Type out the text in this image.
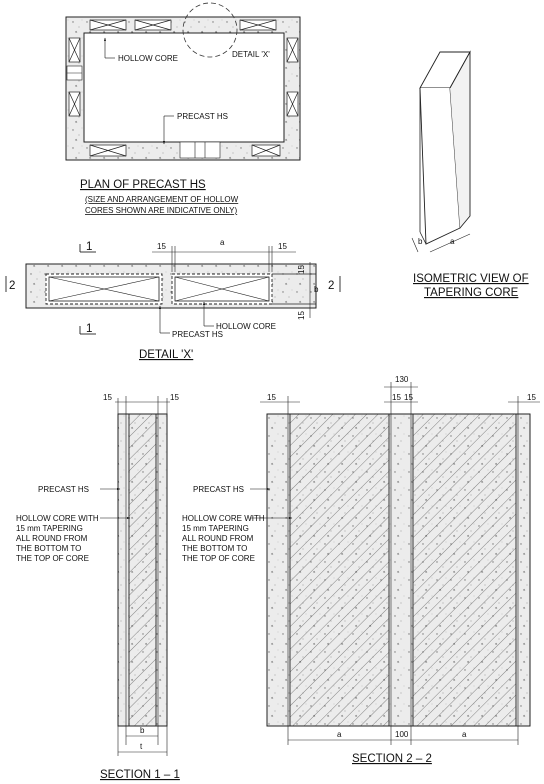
HOLLOW CORE	DETAIL 'X'
PRECAST HS
PLAN OF PRECAST HS
(SIZE AND ARRANGEMENT OF HOLLOW
CORES SHOWN ARE INDICATIVE ONLY)
b	a
ISOMETRIC VIEW OF
TAPERING CORE
15	a	15
15
b
15
1
1
2	2
HOLLOW CORE
PRECAST HS
DETAIL 'X'
15	15
b
t
PRECAST HS
HOLLOW CORE WITH
15 mm TAPERING
ALL ROUND FROM
THE BOTTOM TO
THE TOP OF CORE
SECTION 1 – 1
130
15	15 15	15
a	100	a
PRECAST HS
HOLLOW CORE WITH
15 mm TAPERING
ALL ROUND FROM
THE BOTTOM TO
THE TOP OF CORE
SECTION 2 – 2
